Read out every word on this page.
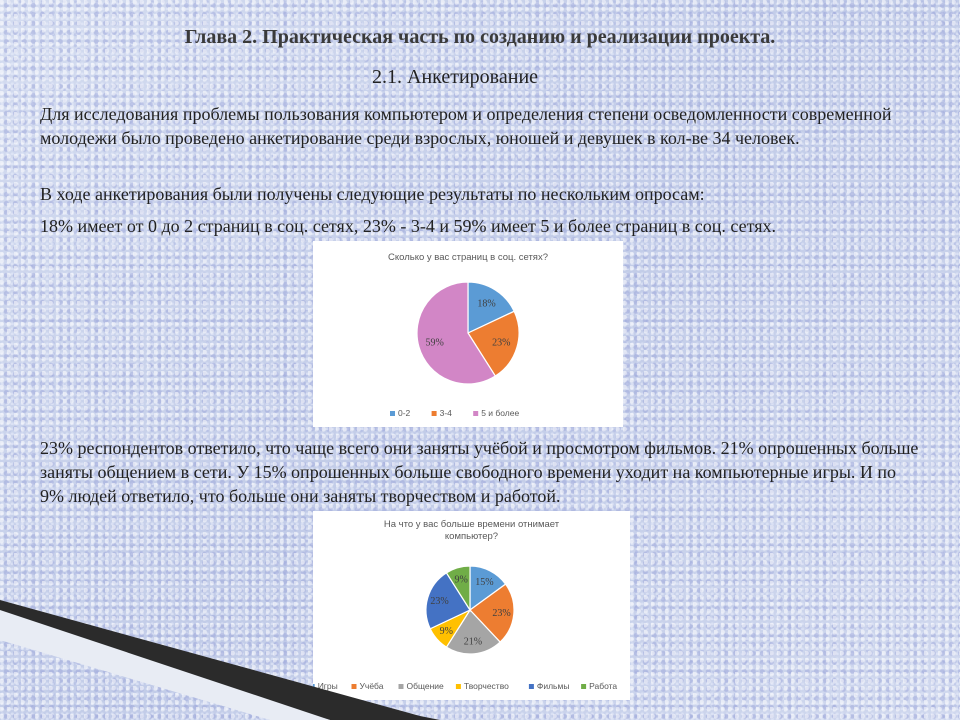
Глава 2. Практическая часть по созданию и реализации проекта.
2.1. Анкетирование

Для исследования проблемы пользования компьютером и определения степени осведомленности современной молодежи было проведено анкетирование среди взрослых, юношей и девушек в кол-ве 34 человек.

В ходе анкетирования были получены следующие результаты по нескольким опросам:

18% имеет от 0 до 2 страниц в соц. сетях, 23% - 3-4 и 59% имеет 5 и более страниц в соц. сетях.

Сколько у вас страниц в соц. сетях?
18%
23%
59%
0-2	3-4	5 и более

23% респондентов ответило, что чаще всего они заняты учёбой и просмотром фильмов. 21% опрошенных больше заняты общением в сети. У 15% опрошенных больше свободного времени уходит на компьютерные игры. И по 9% людей ответило, что больше они заняты творчеством и работой.

На что у вас больше времени отнимает
компьютер?
15%
23%
21%
9%
23%
9%
Игры	Учёба	Общение Творчество	Фильмы Работа
